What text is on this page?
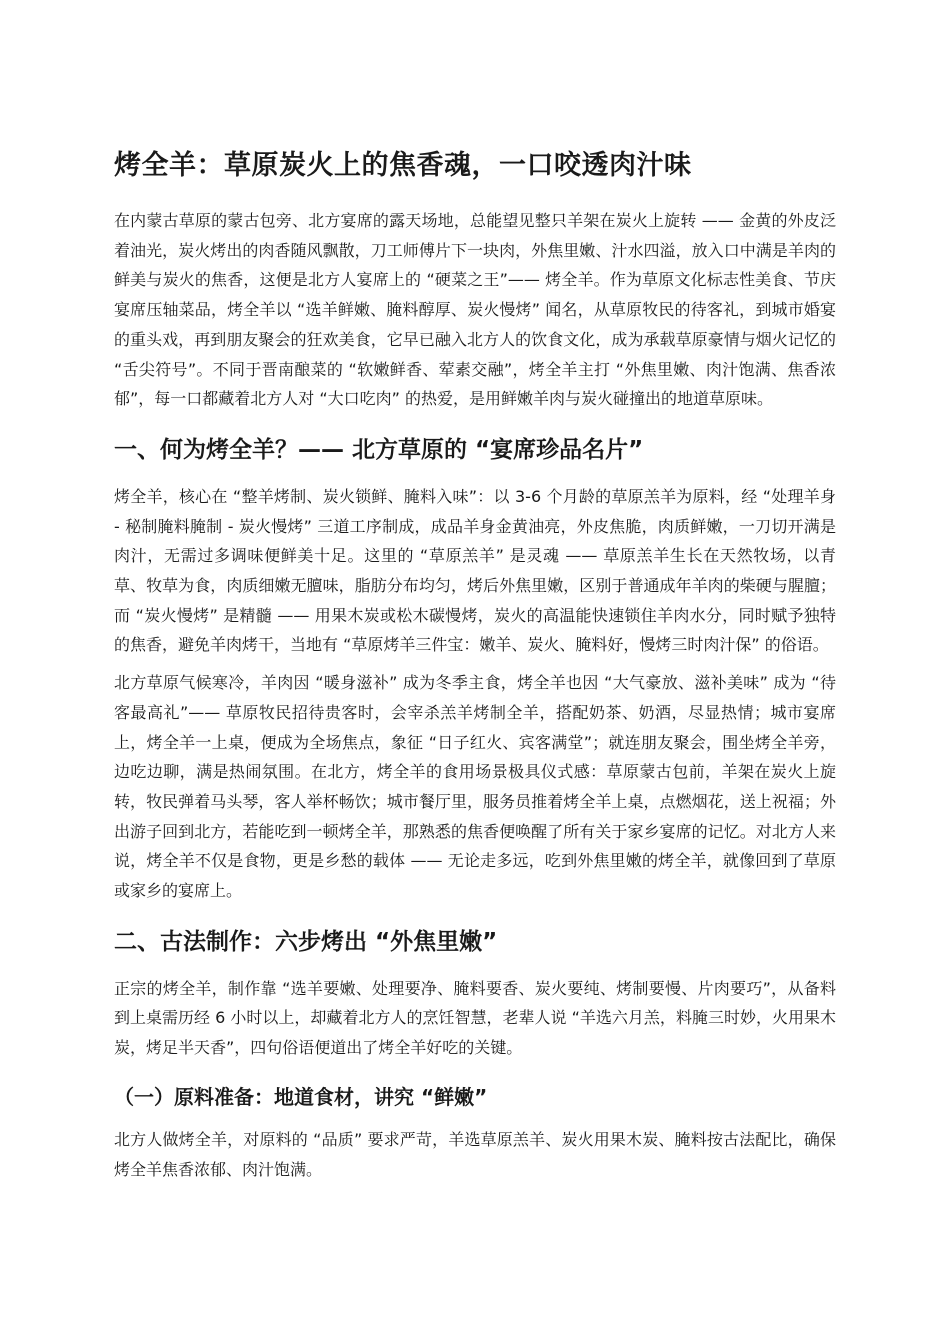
烤全羊：草原炭火上的焦香魂，一口咬透肉汁味

在内蒙古草原的蒙古包旁、北方宴席的露天场地，总能望见整只羊架在炭火上旋转 —— 金黄的外皮泛着油光，炭火烤出的肉香随风飘散，刀工师傅片下一块肉，外焦里嫩、汁水四溢，放入口中满是羊肉的鲜美与炭火的焦香，这便是北方人宴席上的 “硬菜之王”—— 烤全羊。作为草原文化标志性美食、节庆宴席压轴菜品，烤全羊以 “选羊鲜嫩、腌料醇厚、炭火慢烤” 闻名，从草原牧民的待客礼，到城市婚宴的重头戏，再到朋友聚会的狂欢美食，它早已融入北方人的饮食文化，成为承载草原豪情与烟火记忆的 “舌尖符号”。不同于晋南酿菜的 “软嫩鲜香、荤素交融”，烤全羊主打 “外焦里嫩、肉汁饱满、焦香浓郁”，每一口都藏着北方人对 “大口吃肉” 的热爱，是用鲜嫩羊肉与炭火碰撞出的地道草原味。

一、何为烤全羊？—— 北方草原的 “宴席珍品名片”

烤全羊，核心在 “整羊烤制、炭火锁鲜、腌料入味”：以 3-6 个月龄的草原羔羊为原料，经 “处理羊身 - 秘制腌料腌制 - 炭火慢烤” 三道工序制成，成品羊身金黄油亮，外皮焦脆，肉质鲜嫩，一刀切开满是肉汁，无需过多调味便鲜美十足。这里的 “草原羔羊” 是灵魂 —— 草原羔羊生长在天然牧场，以青草、牧草为食，肉质细嫩无膻味，脂肪分布均匀，烤后外焦里嫩，区别于普通成年羊肉的柴硬与腥膻；而 “炭火慢烤” 是精髓 —— 用果木炭或松木碳慢烤，炭火的高温能快速锁住羊肉水分，同时赋予独特的焦香，避免羊肉烤干，当地有 “草原烤羊三件宝：嫩羊、炭火、腌料好，慢烤三时肉汁保” 的俗语。

北方草原气候寒冷，羊肉因 “暖身滋补” 成为冬季主食，烤全羊也因 “大气豪放、滋补美味” 成为 “待客最高礼”—— 草原牧民招待贵客时，会宰杀羔羊烤制全羊，搭配奶茶、奶酒，尽显热情；城市宴席上，烤全羊一上桌，便成为全场焦点，象征 “日子红火、宾客满堂”；就连朋友聚会，围坐烤全羊旁，边吃边聊，满是热闹氛围。在北方，烤全羊的食用场景极具仪式感：草原蒙古包前，羊架在炭火上旋转，牧民弹着马头琴，客人举杯畅饮；城市餐厅里，服务员推着烤全羊上桌，点燃烟花，送上祝福；外出游子回到北方，若能吃到一顿烤全羊，那熟悉的焦香便唤醒了所有关于家乡宴席的记忆。对北方人来说，烤全羊不仅是食物，更是乡愁的载体 —— 无论走多远，吃到外焦里嫩的烤全羊，就像回到了草原或家乡的宴席上。

二、古法制作：六步烤出 “外焦里嫩”

正宗的烤全羊，制作靠 “选羊要嫩、处理要净、腌料要香、炭火要纯、烤制要慢、片肉要巧”，从备料到上桌需历经 6 小时以上，却藏着北方人的烹饪智慧，老辈人说 “羊选六月羔，料腌三时妙，火用果木炭，烤足半天香”，四句俗语便道出了烤全羊好吃的关键。

（一）原料准备：地道食材，讲究 “鲜嫩”

北方人做烤全羊，对原料的 “品质” 要求严苛，羊选草原羔羊、炭火用果木炭、腌料按古法配比，确保烤全羊焦香浓郁、肉汁饱满。
